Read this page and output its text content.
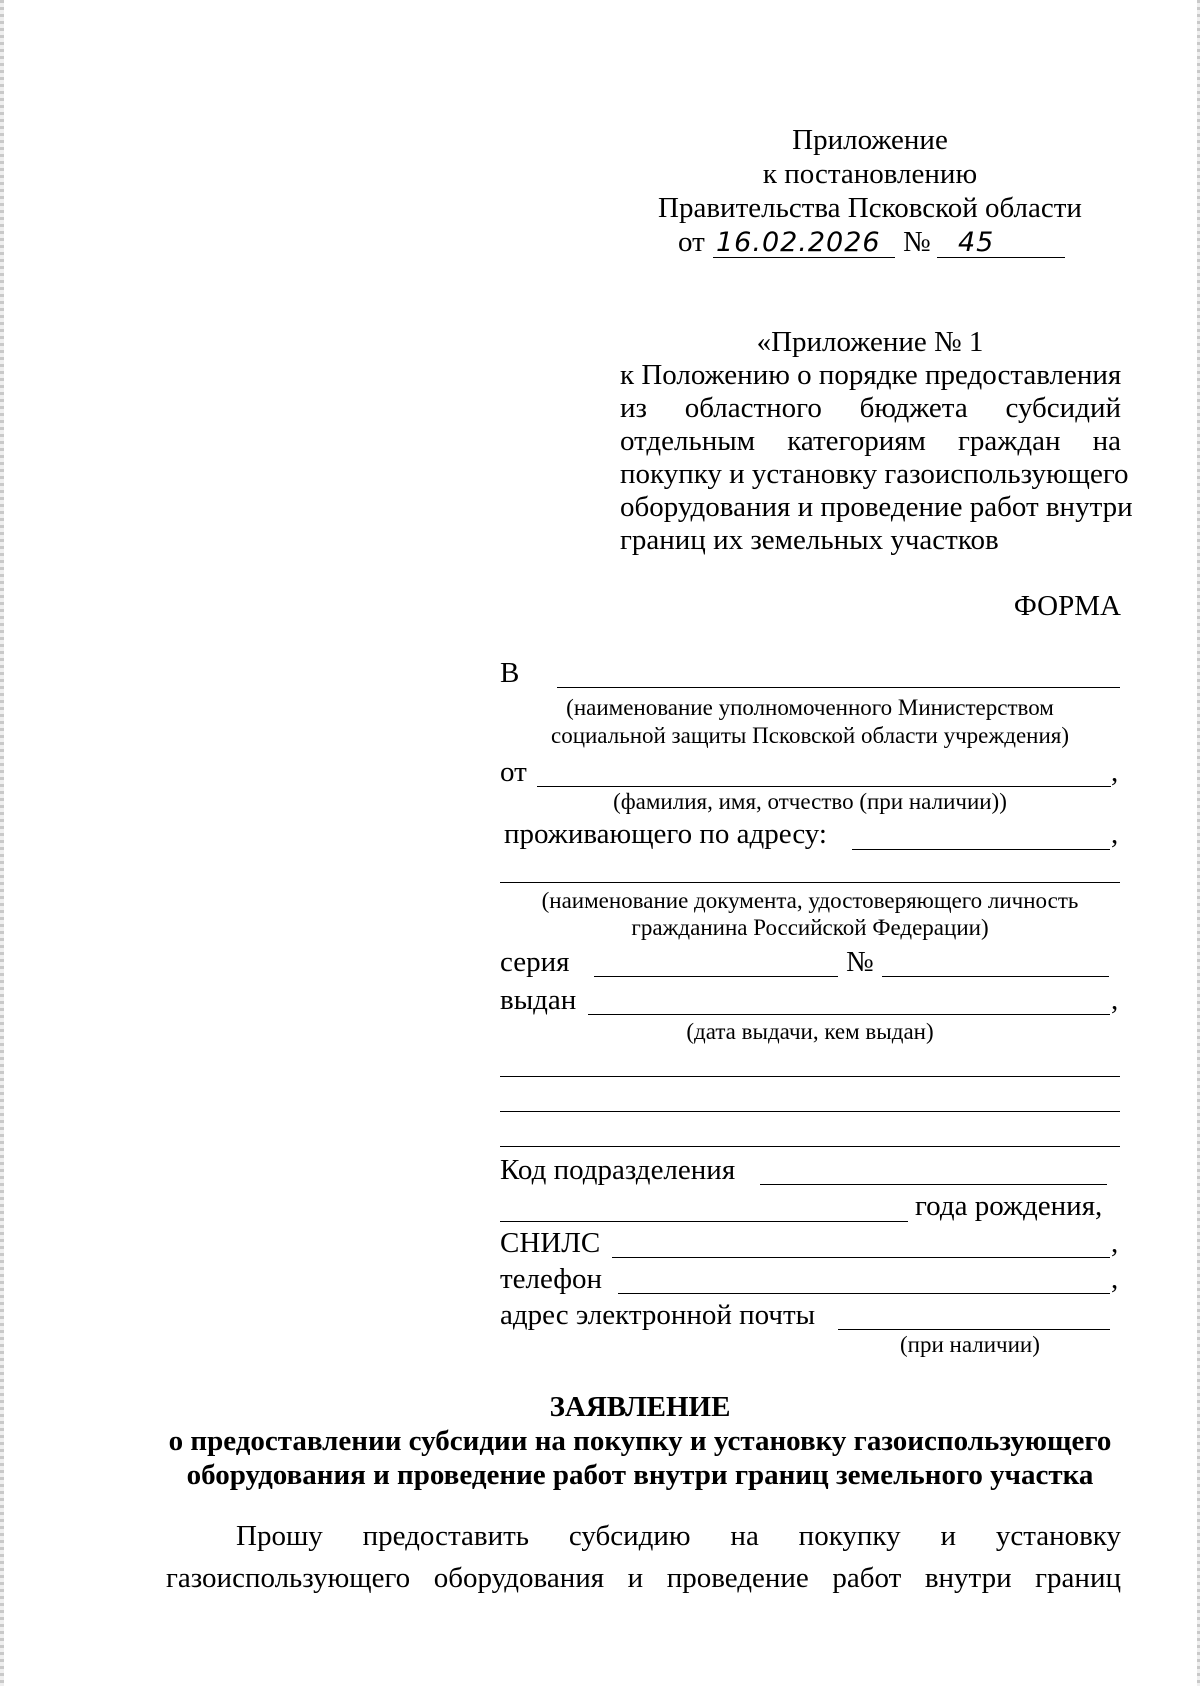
Приложение
к постановлению
Правительства Псковской области
от 16.02.2026 № 45
«Приложение № 1
к Положению о порядке предоставления
из областного бюджета субсидий
отдельным категориям граждан на
покупку и установку газоиспользующего
оборудования и проведение работ внутри
границ их земельных участков
ФОРМА
В
(наименование уполномоченного Министерством
социальной защиты Псковской области учреждения)
от	,
(фамилия, имя, отчество (при наличии))
проживающего по адресу:	,
(наименование документа, удостоверяющего личность
гражданина Российской Федерации)
серия	№
выдан	,
(дата выдачи, кем выдан)
Код подразделения
года рождения,
СНИЛС	,
телефон	,
адрес электронной почты
(при наличии)
ЗАЯВЛЕНИЕ
о предоставлении субсидии на покупку и установку газоиспользующего
оборудования и проведение работ внутри границ земельного участка
Прошу предоставить субсидию на покупку и установку
газоиспользующего оборудования и проведение работ внутри границ
